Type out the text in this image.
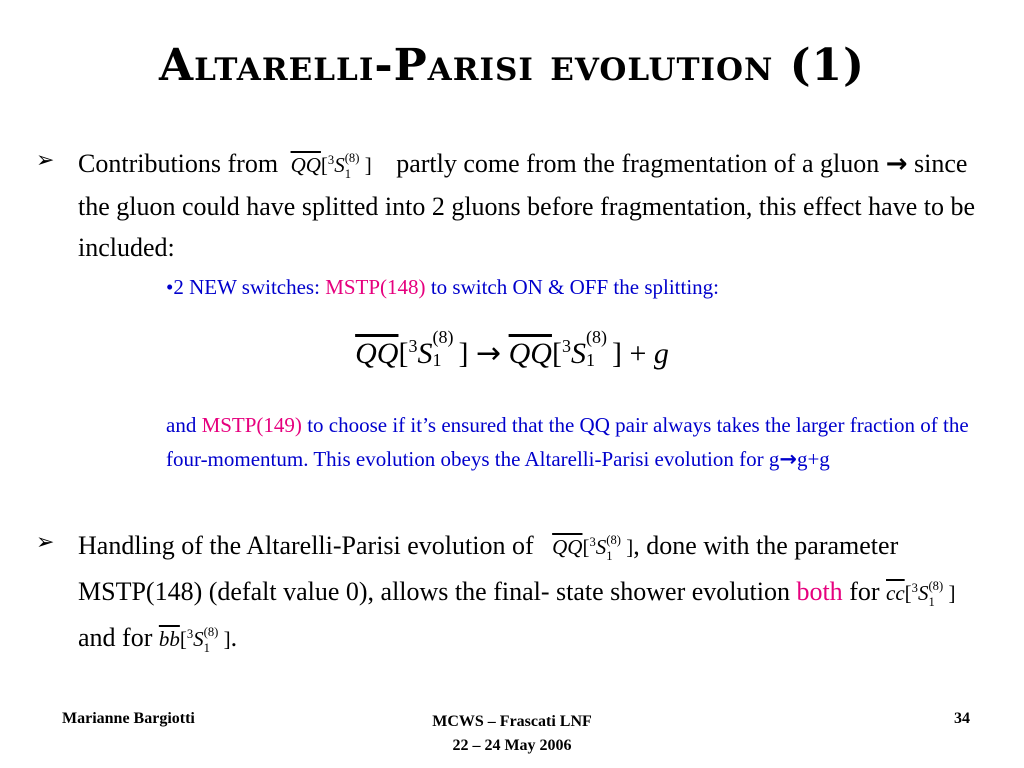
Altarelli-Parisi evolution (1)
➢ Contributions from $\overline{QQ}[^3S$ (8)
1 ] partly come from the fragmentation of a gluon → since the gluon could have splitted into 2 gluons before fragmentation, this effect have to be included:
•2 NEW switches: MSTP(148) to switch ON & OFF the splitting:
$\overline{QQ}[^3S$ (8)
1 ] → $\overline{QQ}[^3S$ (8)
1 ] + g
and MSTP(149) to choose if it’s ensured that the QQ pair always takes the larger fraction of the four-momentum. This evolution obeys the Altarelli-Parisi evolution for g→g+g
➢ Handling of the Altarelli-Parisi evolution of $\overline{QQ}[^3S$ (8)
1 ], done with the parameter MSTP(148) (defalt value 0), allows the final- state shower evolution both for $\overline{cc}[^3S$ (8)
1 ] and for $\overline{bb}[^3S$ (8)
1 ].
Marianne Bargiotti	MCWS – Frascati LNF
22 – 24 May 2006
34
